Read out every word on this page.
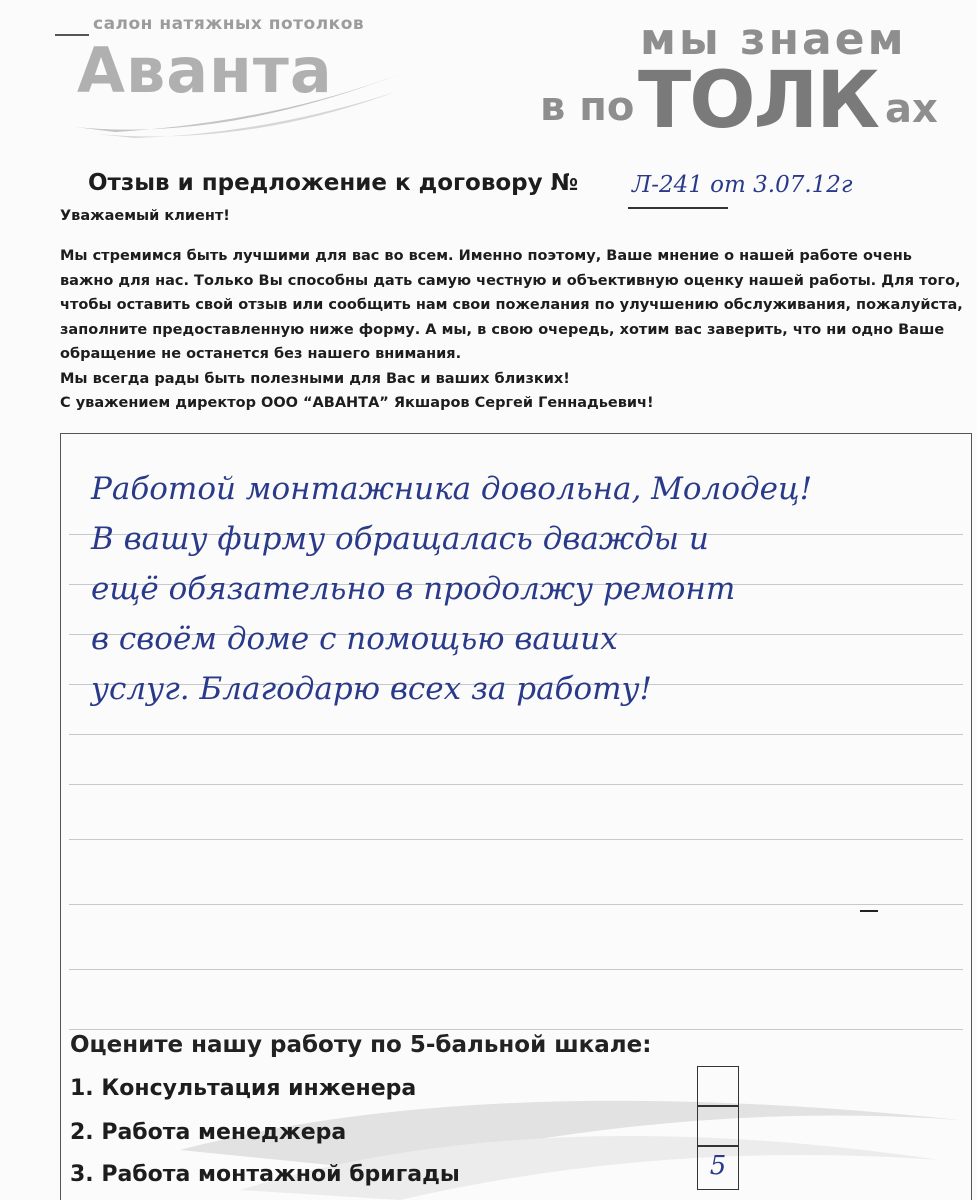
салон натяжных потолков
Аванта	мы знаем
в по ТОЛК ах
Отзыв и предложение к договору № Л-241 от 3.07.12г
Уважаемый клиент!

Мы стремимся быть лучшими для вас во всем. Именно поэтому, Ваше мнение о нашей работе очень важно для нас. Только Вы способны дать самую честную и объективную оценку нашей работы. Для того, чтобы оставить свой отзыв или сообщить нам свои пожелания по улучшению обслуживания, пожалуйста, заполните предоставленную ниже форму. А мы, в свою очередь, хотим вас заверить, что ни одно Ваше обращение не останется без нашего внимания.

Мы всегда рады быть полезными для Вас и ваших близких!

С уважением директор ООО “АВАНТА” Якшаров Сергей Геннадьевич!

Работой монтажника довольна, Молодец!
В вашу фирму обращалась дважды и
ещё обязательно в продолжу ремонт
в своём доме с помощью ваших
услуг. Благодарю всех за работу!
Оцените нашу работу по 5-бальной шкале:
1. Консультация инженера
2. Работа менеджера
3. Работа монтажной бригады	5
